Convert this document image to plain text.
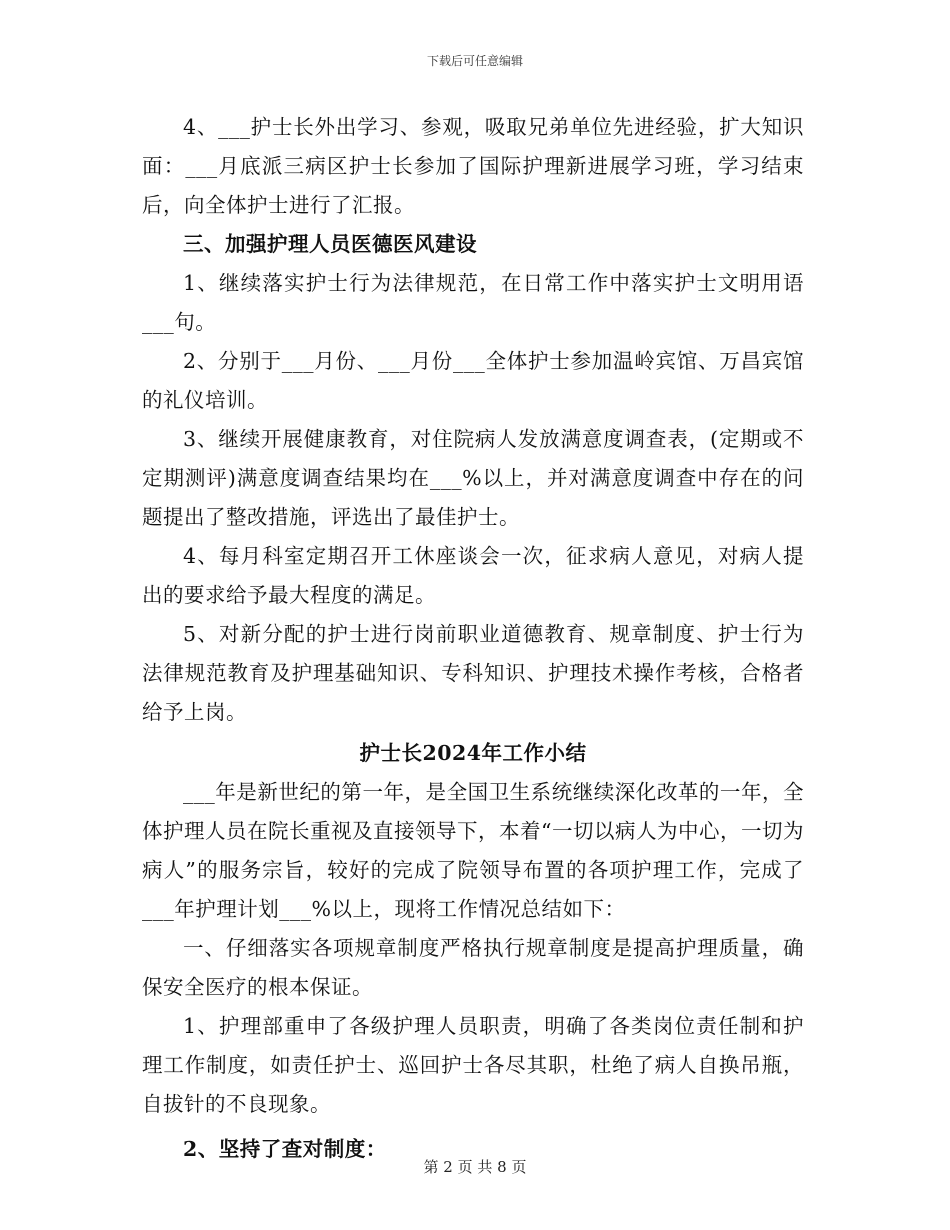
下载后可任意编辑

4、___护士长外出学习、参观，吸取兄弟单位先进经验，扩大知识面：___月底派三病区护士长参加了国际护理新进展学习班，学习结束后，向全体护士进行了汇报。

三、加强护理人员医德医风建设

1、继续落实护士行为法律规范，在日常工作中落实护士文明用语___句。

2、分别于___月份、___月份___全体护士参加温岭宾馆、万昌宾馆的礼仪培训。

3、继续开展健康教育，对住院病人发放满意度调查表，(定期或不定期测评)满意度调查结果均在___%以上，并对满意度调查中存在的问题提出了整改措施，评选出了最佳护士。

4、每月科室定期召开工休座谈会一次，征求病人意见，对病人提出的要求给予最大程度的满足。

5、对新分配的护士进行岗前职业道德教育、规章制度、护士行为法律规范教育及护理基础知识、专科知识、护理技术操作考核，合格者给予上岗。

护士长2024年工作小结

___年是新世纪的第一年，是全国卫生系统继续深化改革的一年，全体护理人员在院长重视及直接领导下，本着“一切以病人为中心，一切为病人”的服务宗旨，较好的完成了院领导布置的各项护理工作，完成了___年护理计划___%以上，现将工作情况总结如下：

一、仔细落实各项规章制度严格执行规章制度是提高护理质量，确保安全医疗的根本保证。

1、护理部重申了各级护理人员职责，明确了各类岗位责任制和护理工作制度，如责任护士、巡回护士各尽其职，杜绝了病人自换吊瓶，自拔针的不良现象。

2、坚持了查对制度：

第 2 页 共 8 页
